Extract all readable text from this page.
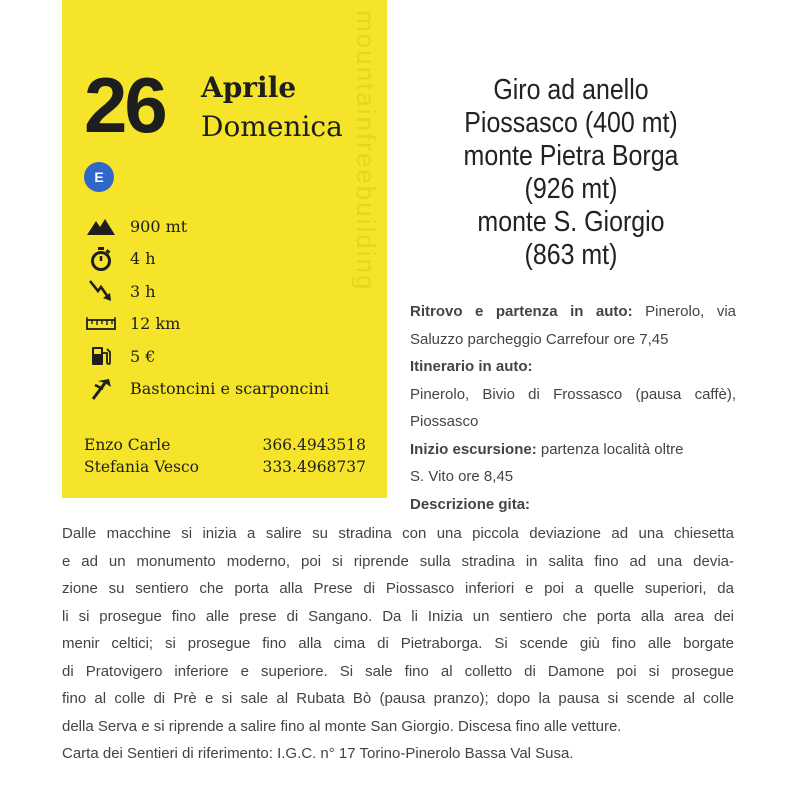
mountainfreebuilding
26 Aprile
Domenica
E
900 mt
4 h
3 h
12 km
5 €
Bastoncini e scarponcini
Enzo Carle	366.4943518
Stefania Vesco	333.4968737
Giro ad anello
Piossasco (400 mt)
monte Pietra Borga
(926 mt)
monte S. Giorgio
(863 mt)
Ritrovo e partenza in auto: Pinerolo, via
Saluzzo parcheggio Carrefour ore 7,45
Itinerario in auto:
Pinerolo, Bivio di Frossasco (pausa caffè),
Piossasco
Inizio escursione: partenza località oltre
S. Vito ore 8,45
Descrizione gita:
Dalle macchine si inizia a salire su stradina con una piccola deviazione ad una chiesetta
e ad un monumento moderno, poi si riprende sulla stradina in salita fino ad una devia-
zione su sentiero che porta alla Prese di Piossasco inferiori e poi a quelle superiori, da
li si prosegue fino alle prese di Sangano. Da li Inizia un sentiero che porta alla area dei
menir celtici; si prosegue fino alla cima di Pietraborga. Si scende giù fino alle borgate
di Pratovigero inferiore e superiore. Si sale fino al colletto di Damone poi si prosegue
fino al colle di Prè e si sale al Rubata Bò (pausa pranzo); dopo la pausa si scende al colle
della Serva e si riprende a salire fino al monte San Giorgio. Discesa fino alle vetture.
Carta dei Sentieri di riferimento: I.G.C. n° 17 Torino-Pinerolo Bassa Val Susa.
